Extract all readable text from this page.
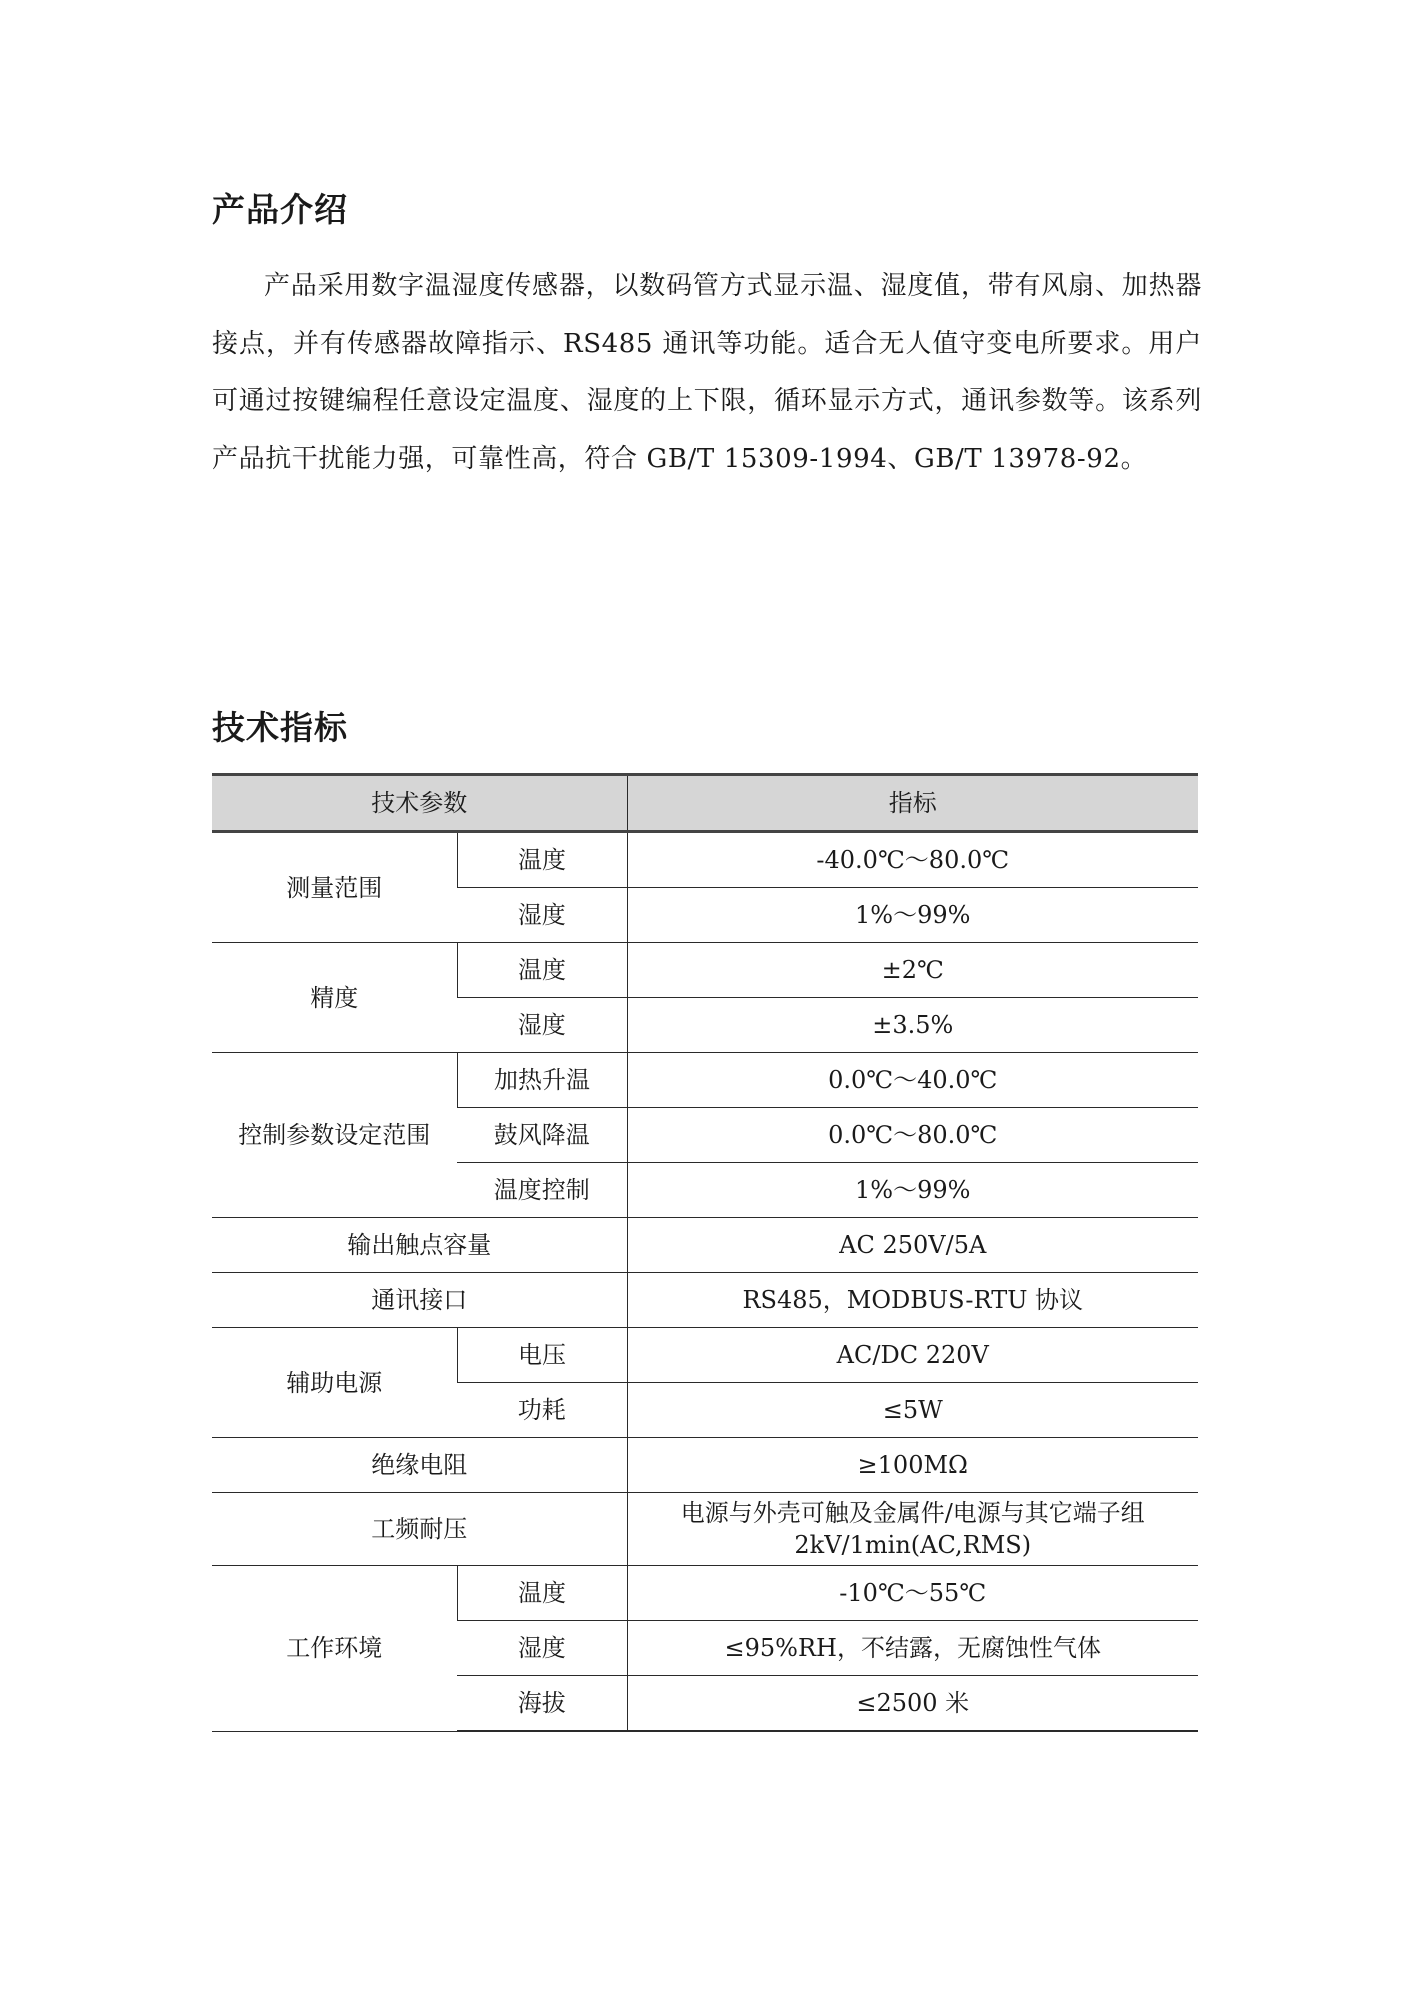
产品介绍

产品采用数字温湿度传感器，以数码管方式显示温、湿度值，带有风扇、加热器接点，并有传感器故障指示、RS485 通讯等功能。适合无人值守变电所要求。用户可通过按键编程任意设定温度、湿度的上下限，循环显示方式，通讯参数等。该系列产品抗干扰能力强，可靠性高，符合 GB/T 15309-1994、GB/T 13978-92。

技术指标
技术参数		指标
测量范围	温度	-40.0℃～80.0℃
	湿度	1%～99%
精度	温度	±2℃
	湿度	±3.5%
控制参数设定范围	加热升温	0.0℃～40.0℃
	鼓风降温	0.0℃～80.0℃
	温度控制	1%～99%
输出触点容量		AC 250V/5A
通讯接口		RS485，MODBUS-RTU 协议
辅助电源	电压	AC/DC 220V
	功耗	≤5W
绝缘电阻		≥100MΩ
工频耐压		电源与外壳可触及金属件/电源与其它端子组 2kV/1min(AC,RMS)
工作环境	温度	-10℃～55℃
	湿度	≤95%RH，不结露，无腐蚀性气体
	海拔	≤2500 米
